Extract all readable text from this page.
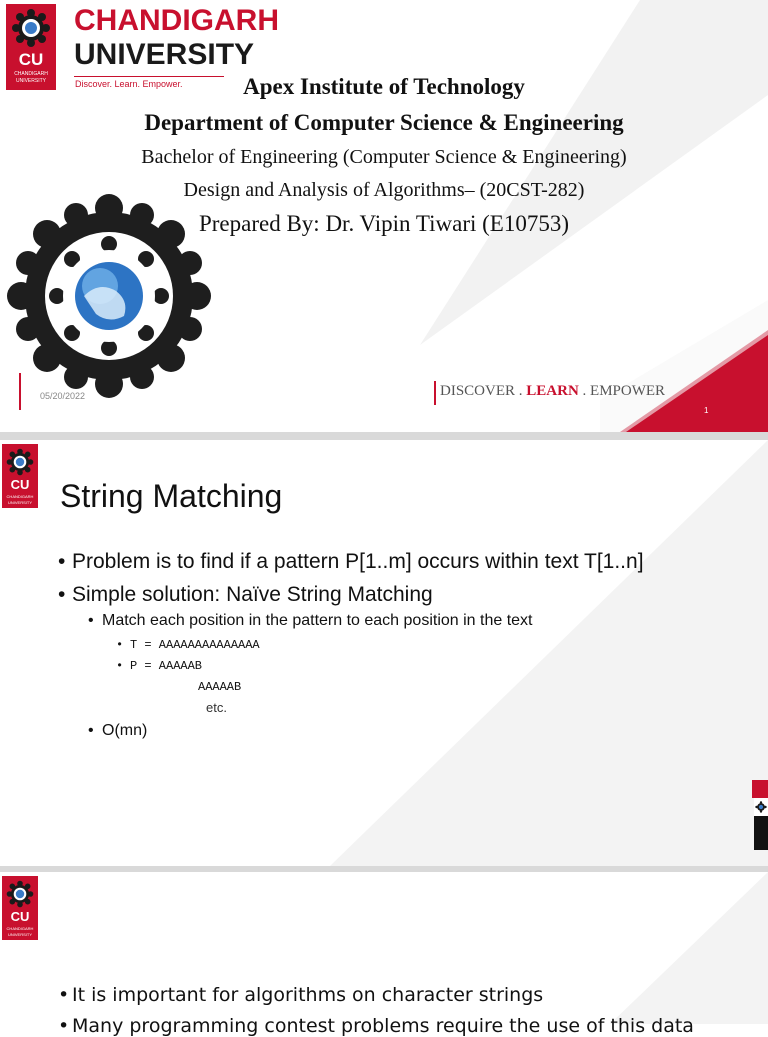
CU
CHANDIGARH
UNIVERSITY
CHANDIGARH
UNIVERSITY
Discover. Learn. Empower.	Apex Institute of Technology
Department of Computer Science & Engineering
Bachelor of Engineering (Computer Science & Engineering)
Design and Analysis of Algorithms– (20CST-282)
Prepared By: Dr. Vipin Tiwari (E10753)
05/20/2022	DISCOVER . LEARN . EMPOWER
1
CU
CHANDIGARH
UNIVERSITY String Matching
• Problem is to find if a pattern P[1..m] occurs within text T[1..n]
• Simple solution: Naïve String Matching
• Match each position in the pattern to each position in the text
• T = AAAAAAAAAAAAAA
• P = AAAAAB
AAAAAB
etc.
• O(mn)
CU
CHANDIGARH
UNIVERSITY
• It is important for algorithms on character strings
• Many programming contest problems require the use of this data
